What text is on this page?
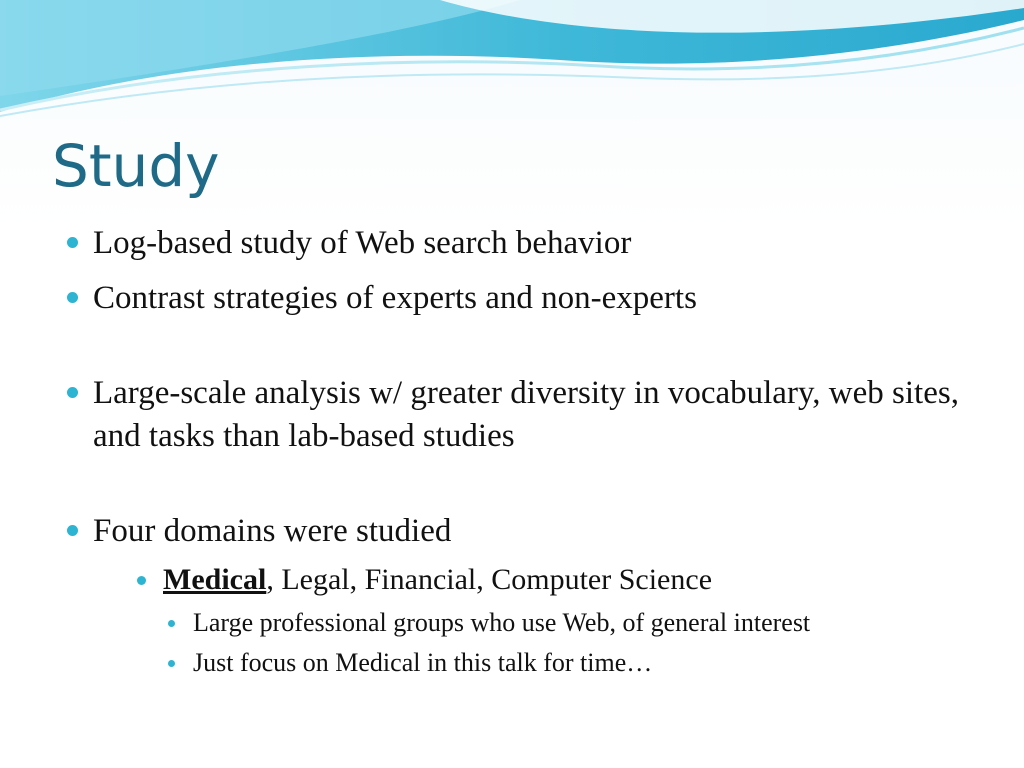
Study
Log-based study of Web search behavior
Contrast strategies of experts and non-experts
Large-scale analysis w/ greater diversity in vocabulary, web sites, and tasks than lab-based studies
Four domains were studied
Medical, Legal, Financial, Computer Science
Large professional groups who use Web, of general interest
Just focus on Medical in this talk for time…
